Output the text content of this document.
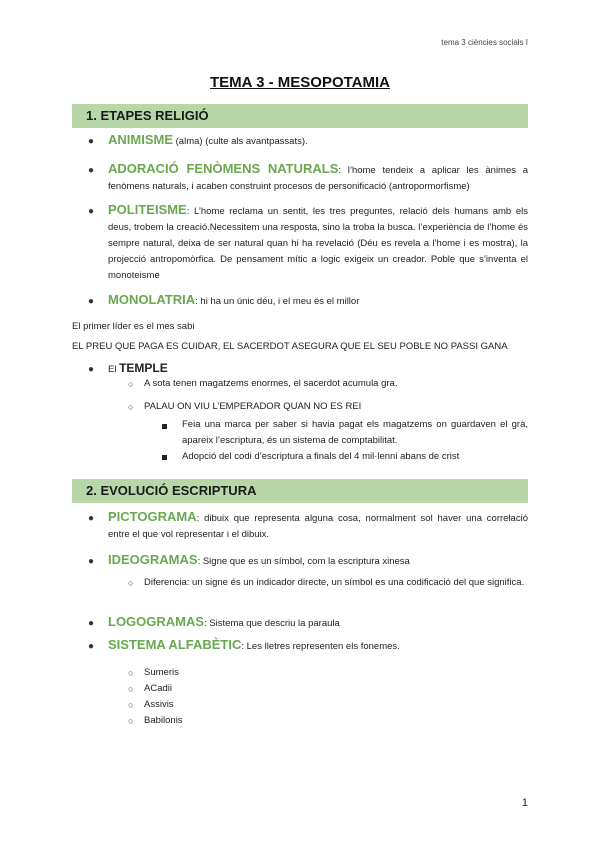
tema 3 ciències socials I
TEMA 3 - MESOPOTAMIA
1. ETAPES RELIGIÓ
● ANIMISME (alma) (culte als avantpassats).
● ADORACIÓ FENÒMENS NATURALS: l’home tendeix a aplicar les ànimes a fenòmens naturals, i acaben construint procesos de personificació (antropormorfisme)
● POLITEISME: L’home reclama un sentit, les tres preguntes, relació dels humans amb els deus, trobem la creació.Necessitem una resposta, sino la troba la busca. l’experiència de l’home és sempre natural, deixa de ser natural quan hi ha revelació (Déu es revela a l’home i es mostra), la projecció antropomòrfica. De pensament mític a logic exigeix un creador. Poble que s’inventa el monoteisme
● MONOLATRIA: hi ha un únic déu, i el meu és el millor
El primer líder es el mes sabi
EL PREU QUE PAGA ES CUIDAR, EL SACERDOT ASEGURA QUE EL SEU POBLE NO PASSI GANA
● El TEMPLE
○ A sota tenen magatzems enormes, el sacerdot acumula gra.
○ PALAU ON VIU L’EMPERADOR QUAN NO ES REI
Feia una marca per saber si havia pagat els magatzems on guardaven el grà, apareix l’escriptura, és un sistema de comptabilitat.
Adopció del codi d’escriptura a finals del 4 mil·lenni abans de crist
2. EVOLUCIÓ ESCRIPTURA
● PICTOGRAMA: dibuix que representa alguna cosa, normalment sol haver una correlació entre el que vol representar i el dibuix.
● IDEOGRAMAS: Signe que es un símbol, com la escriptura xinesa
○ Diferencia: un signe és un indicador directe, un símbol es una codificació del que significa.
● LOGOGRAMAS: Sistema que descriu la paraula
● SISTEMA ALFABÈTIC: Les lletres representen els fonemes.
○ Sumeris
○ ACadii
○ Assivis
○ Babilonis
1
